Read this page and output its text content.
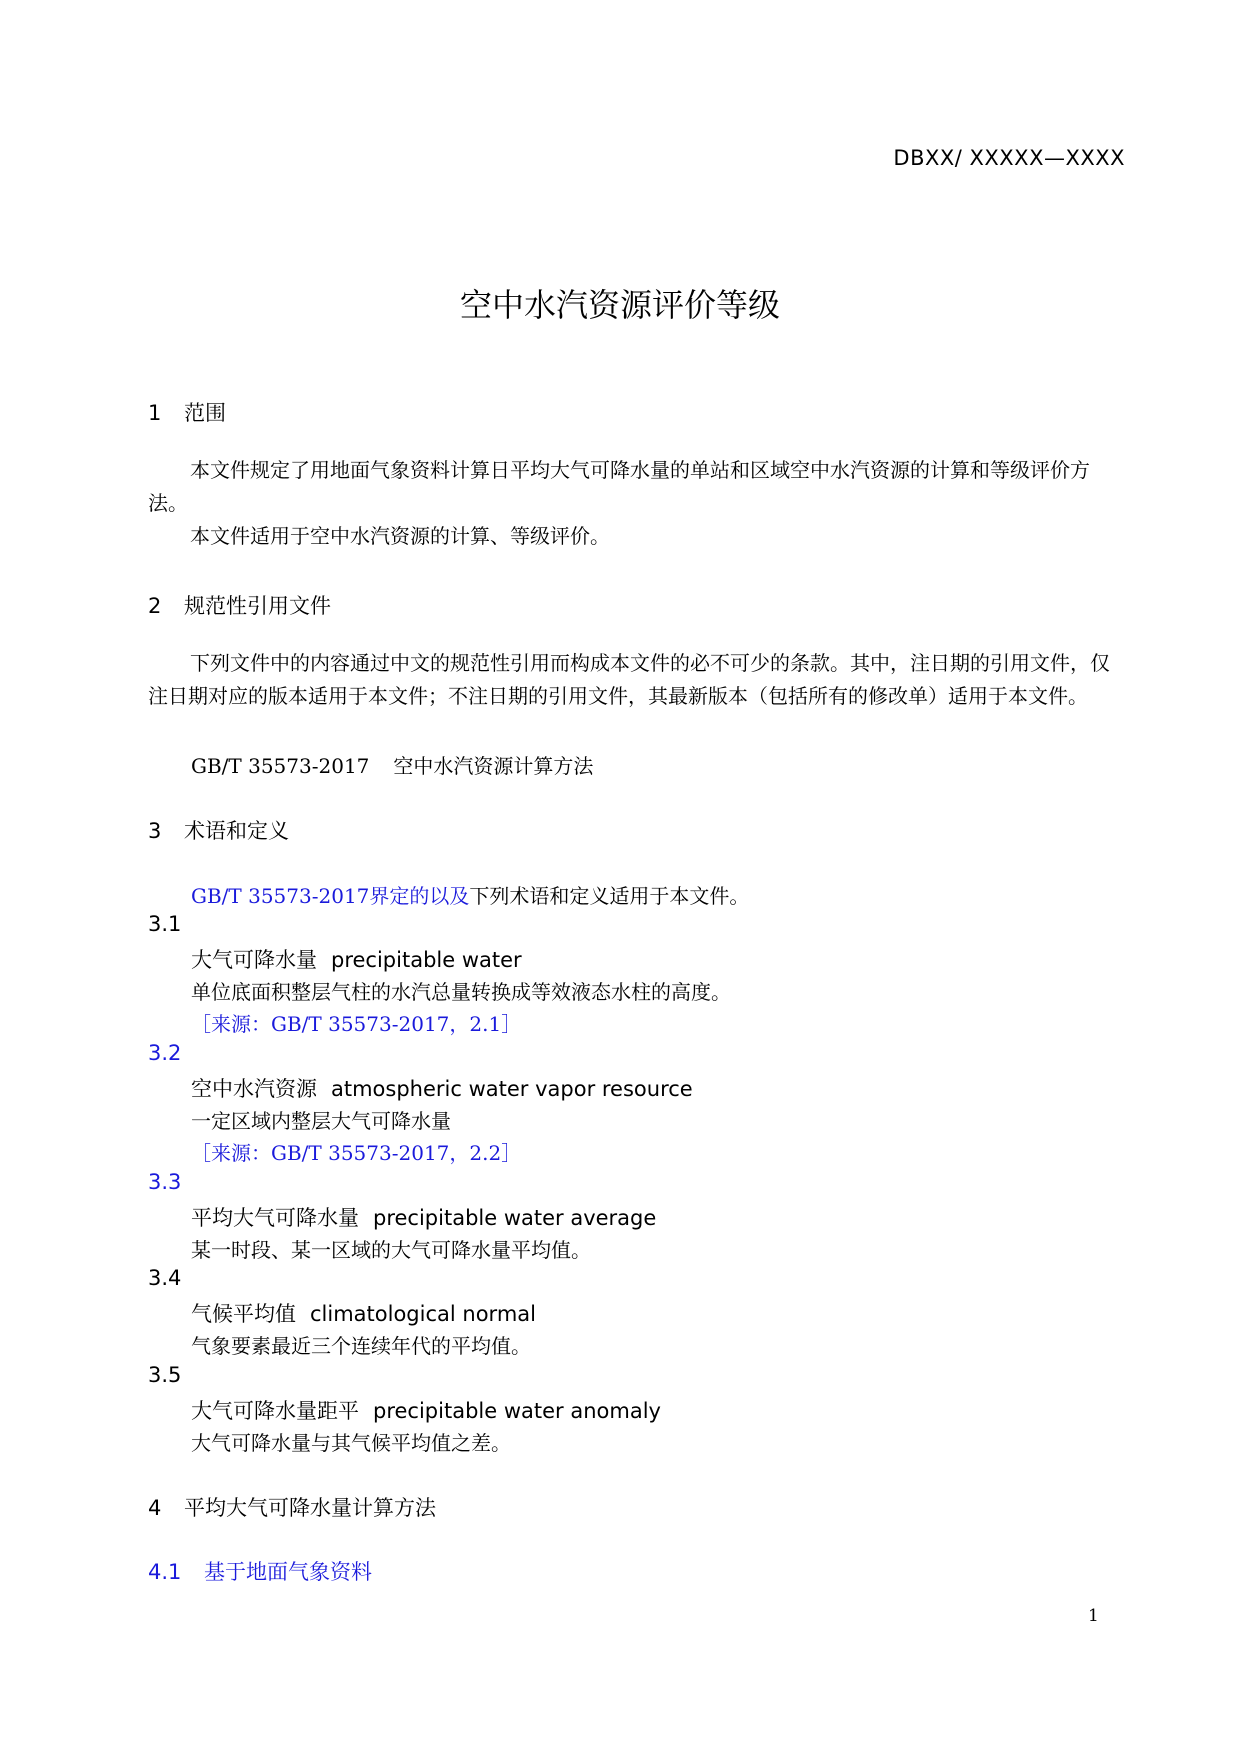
DBXX/ XXXXX—XXXX
空中水汽资源评价等级
1 范围
本文件规定了用地面气象资料计算日平均大气可降水量的单站和区域空中水汽资源的计算和等级评价方法。
本文件适用于空中水汽资源的计算、等级评价。
2 规范性引用文件
下列文件中的内容通过中文的规范性引用而构成本文件的必不可少的条款。其中，注日期的引用文件，仅注日期对应的版本适用于本文件；不注日期的引用文件，其最新版本（包括所有的修改单）适用于本文件。
GB/T 35573-2017 空中水汽资源计算方法
3 术语和定义
GB/T 35573-2017界定的以及下列术语和定义适用于本文件。
3.1
大气可降水量 precipitable water
单位底面积整层气柱的水汽总量转换成等效液态水柱的高度。
［来源：GB/T 35573-2017，2.1］
3.2
空中水汽资源 atmospheric water vapor resource
一定区域内整层大气可降水量
［来源：GB/T 35573-2017，2.2］
3.3
平均大气可降水量 precipitable water average
某一时段、某一区域的大气可降水量平均值。
3.4
气候平均值 climatological normal
气象要素最近三个连续年代的平均值。
3.5
大气可降水量距平 precipitable water anomaly
大气可降水量与其气候平均值之差。
4 平均大气可降水量计算方法
4.1 基于地面气象资料
1
